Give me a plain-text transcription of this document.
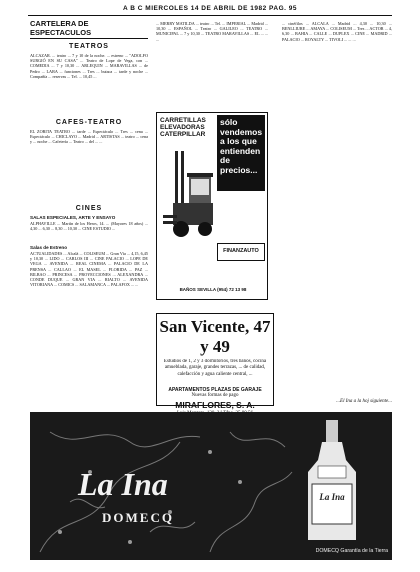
A B C MIERCOLES 14 DE ABRIL DE 1982 PAG. 95
CARTELERA DE ESPECTACULOS
TEATROS
ALCAZAR. ... teatro ... 7 y 10 de la noche. ... estreno ... "ADOLFO SURGIÓ EN SU CASA" ... Teatro de Lope de Vega, con ... COMEDIA ... 7 y 10,30 ... ARLEQUIN ... MARAVILLAS ... de Pedro ... LARA ... funciones ... Tres ... butaca ... tarde y noche ... Compañía ... reservas ... Tel. ... 10,45 ...
CAFES-TEATRO
EL ZORITA TEATRO ... tarde ... Espectáculo ... Tres ... cena ... Espectáculo ... CHICLAYO ... Madrid ... ARTISTAS ... teatro ... cena y ... noche ... Cafetería ... Teatro ... del ... ...
CINES
SALAS ESPECIALES, ARTE Y ENSAYO
ALPHAVILLE ... Martín de los Heros, 14. ... (Mayores 18 años) ... 4,30 ... 6,30 ... 8,30 ... 10,30 ... CINE ESTUDIO ...
Salas de Estreno
ACTUALIDADES ... Alcalá ... COLISEUM ... Gran Vía ... 4,15, 6,45 y 10,30 ... LIDO ... CARLOS III ... CINE PALACIO ... LOPE DE VEGA ... AVENIDA ... REAL CINEMA ... PALACIO DE LA PRENSA ... CALLAO ... EL MASEL ... FLORIDA ... PAZ ... BILBAO ... PRINCESA ... PROYECCIONES ... ALEXANDRA ... CONDE DUQUE ... GRAN VIA ... RIALTO ... AVENIDA VITORIANA ... COMICS ... SALAMANCA ... PALAFOX ... ...
... MERRY MATILDA ... teatro ... Tel. ... IMPERIAL ... Madrid ... 10,30 ... ESPAÑOL ... Teatro ... GALILEO ... TEATRO ... MUNICIPAL ... 7 y 10,30 ... TEATRO MARAVILLAS ... EL ... ... ...
CARRETILLAS ELEVADORAS CATERPILLAR
sólo vendemos a los que entienden de precios...
FINANZAUTO
BAÑOS SEVILLA (954) 72 13 98
San Vicente, 47 y 49
Estudios de 1, 2 y 3 dormitorios, tres baños, cocina amueblada, garaje, grandes terrazas, ... de calidad, calefacción y agua caliente central, ...
APARTAMENTOS PLAZAS DE GARAJE
Nuevas formas de pago
MIRAFLORES, S. A.
... cinéfilos ... ALCALA ... Madrid ... 4,30 ... 10,30 ... BENLLIURE ... AMAYA ... COLISEUM ... Tres ... ACTOR ... 4, 6,30 ... BAHIA ... CALLE ... DUPLEX ... CINE ... MADRID ... PALACIO ... ROYALTY ... TIVOLI ... ... ...
...El Ina a la hoj siguiente...
La Ina
DOMECQ
La Ina
DOMECQ Garantía de la Tierra
